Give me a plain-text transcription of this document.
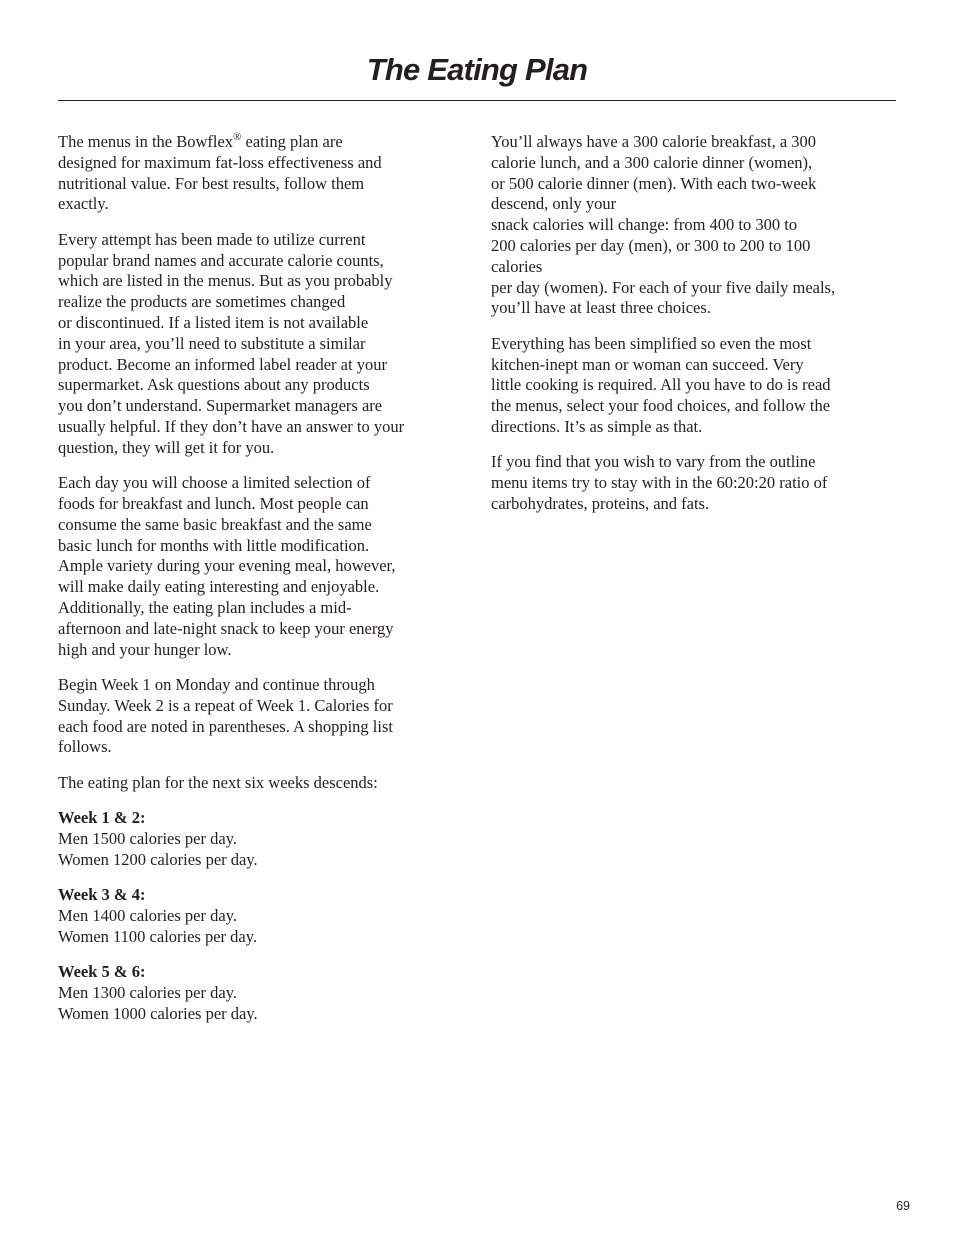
The Eating Plan

The menus in the Bowflex® eating plan are
designed for maximum fat-loss effectiveness and
nutritional value. For best results, follow them
exactly.

Every attempt has been made to utilize current
popular brand names and accurate calorie counts,
which are listed in the menus. But as you probably
realize the products are sometimes changed
or discontinued. If a listed item is not available
in your area, you’ll need to substitute a similar
product. Become an informed label reader at your
supermarket. Ask questions about any products
you don’t understand. Supermarket managers are
usually helpful. If they don’t have an answer to your
question, they will get it for you.

Each day you will choose a limited selection of
foods for breakfast and lunch. Most people can
consume the same basic breakfast and the same
basic lunch for months with little modification.
Ample variety during your evening meal, however,
will make daily eating interesting and enjoyable.
Additionally, the eating plan includes a mid-
afternoon and late-night snack to keep your energy
high and your hunger low.

Begin Week 1 on Monday and continue through
Sunday. Week 2 is a repeat of Week 1. Calories for
each food are noted in parentheses. A shopping list
follows.

The eating plan for the next six weeks descends:

Week 1 & 2:
Men 1500 calories per day.
Women 1200 calories per day.
Week 3 & 4:
Men 1400 calories per day.
Women 1100 calories per day.
Week 5 & 6:
Men 1300 calories per day.
Women 1000 calories per day.

You’ll always have a 300 calorie breakfast, a 300
calorie lunch, and a 300 calorie dinner (women),
or 500 calorie dinner (men). With each two-week
descend, only your
snack calories will change: from 400 to 300 to
200 calories per day (men), or 300 to 200 to 100
calories
per day (women). For each of your five daily meals,
you’ll have at least three choices.

Everything has been simplified so even the most
kitchen-inept man or woman can succeed. Very
little cooking is required. All you have to do is read
the menus, select your food choices, and follow the
directions. It’s as simple as that.

If you find that you wish to vary from the outline
menu items try to stay with in the 60:20:20 ratio of
carbohydrates, proteins, and fats.

69
